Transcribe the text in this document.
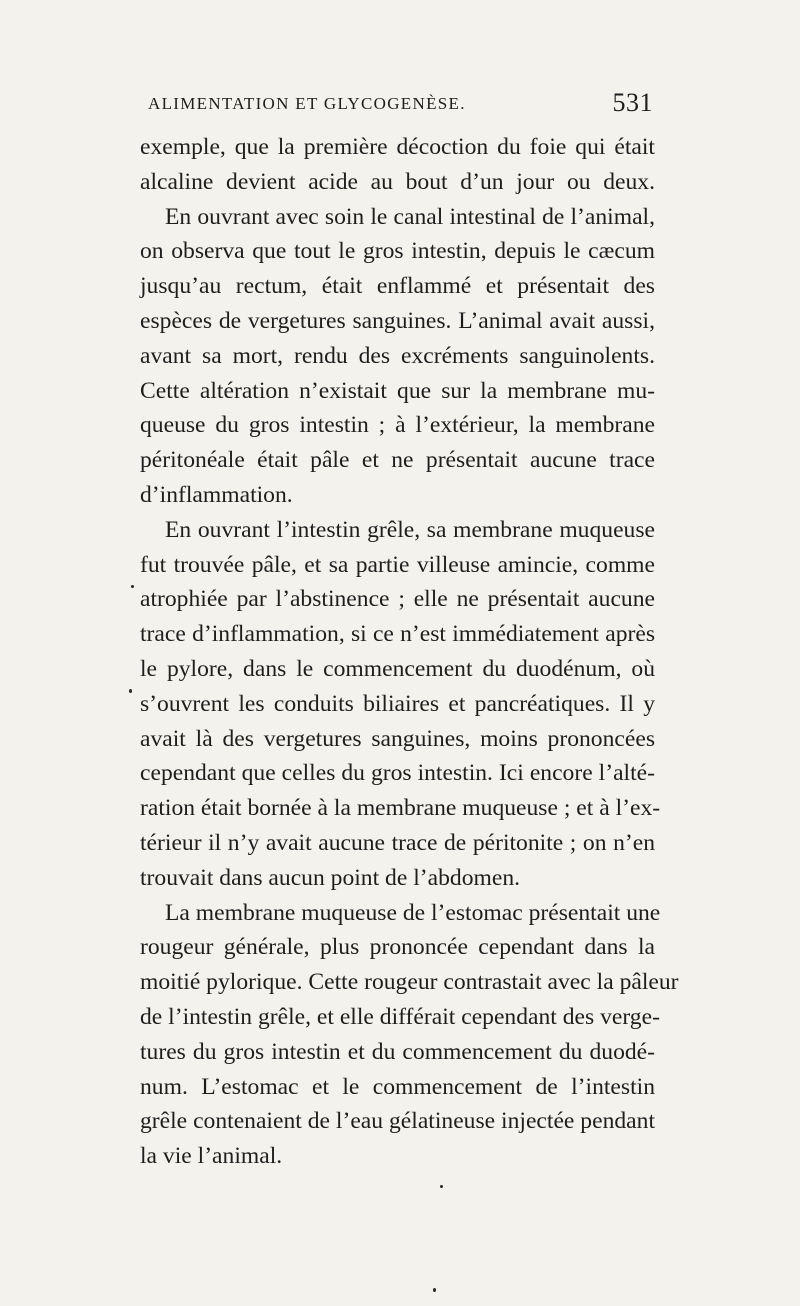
ALIMENTATION ET GLYCOGENÈSE.	531
exemple, que la première décoction du foie qui était
alcaline devient acide au bout d’un jour ou deux.
En ouvrant avec soin le canal intestinal de l’animal,
on observa que tout le gros intestin, depuis le cæcum
jusqu’au rectum, était enflammé et présentait des
espèces de vergetures sanguines. L’animal avait aussi,
avant sa mort, rendu des excréments sanguinolents.
Cette altération n’existait que sur la membrane mu-
queuse du gros intestin ; à l’extérieur, la membrane
péritonéale était pâle et ne présentait aucune trace
d’inflammation.
En ouvrant l’intestin grêle, sa membrane muqueuse
fut trouvée pâle, et sa partie villeuse amincie, comme
atrophiée par l’abstinence ; elle ne présentait aucune
trace d’inflammation, si ce n’est immédiatement après
le pylore, dans le commencement du duodénum, où
s’ouvrent les conduits biliaires et pancréatiques. Il y
avait là des vergetures sanguines, moins prononcées
cependant que celles du gros intestin. Ici encore l’alté-
ration était bornée à la membrane muqueuse ; et à l’ex-
térieur il n’y avait aucune trace de péritonite ; on n’en
trouvait dans aucun point de l’abdomen.
La membrane muqueuse de l’estomac présentait une
rougeur générale, plus prononcée cependant dans la
moitié pylorique. Cette rougeur contrastait avec la pâleur
de l’intestin grêle, et elle différait cependant des verge-
tures du gros intestin et du commencement du duodé-
num. L’estomac et le commencement de l’intestin
grêle contenaient de l’eau gélatineuse injectée pendant
la vie l’animal.
